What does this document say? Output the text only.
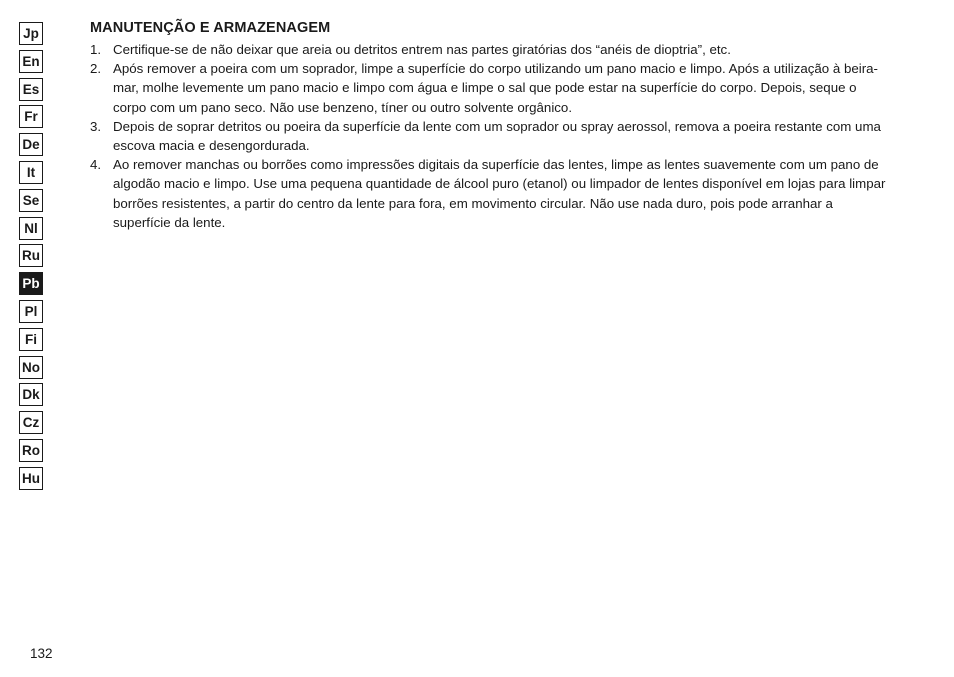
Jp
En
Es
Fr
De
It
Se
Nl
Ru
Pb
Pl
Fi
No
Dk
Cz
Ro
Hu
MANUTENÇÃO E ARMAZENAGEM
1. Certifique-se de não deixar que areia ou detritos entrem nas partes giratórias dos “anéis de dioptria”, etc.
2. Após remover a poeira com um soprador, limpe a superfície do corpo utilizando um pano macio e limpo. Após a utilização à beira-mar, molhe levemente um pano macio e limpo com água e limpe o sal que pode estar na superfície do corpo. Depois, seque o corpo com um pano seco. Não use benzeno, tíner ou outro solvente orgânico.
3. Depois de soprar detritos ou poeira da superfície da lente com um soprador ou spray aerossol, remova a poeira restante com uma escova macia e desengordurada.
4. Ao remover manchas ou borrões como impressões digitais da superfície das lentes, limpe as lentes suavemente com um pano de algodão macio e limpo. Use uma pequena quantidade de álcool puro (etanol) ou limpador de lentes disponível em lojas para limpar borrões resistentes, a partir do centro da lente para fora, em movimento circular. Não use nada duro, pois pode arranhar a superfície da lente.
132
